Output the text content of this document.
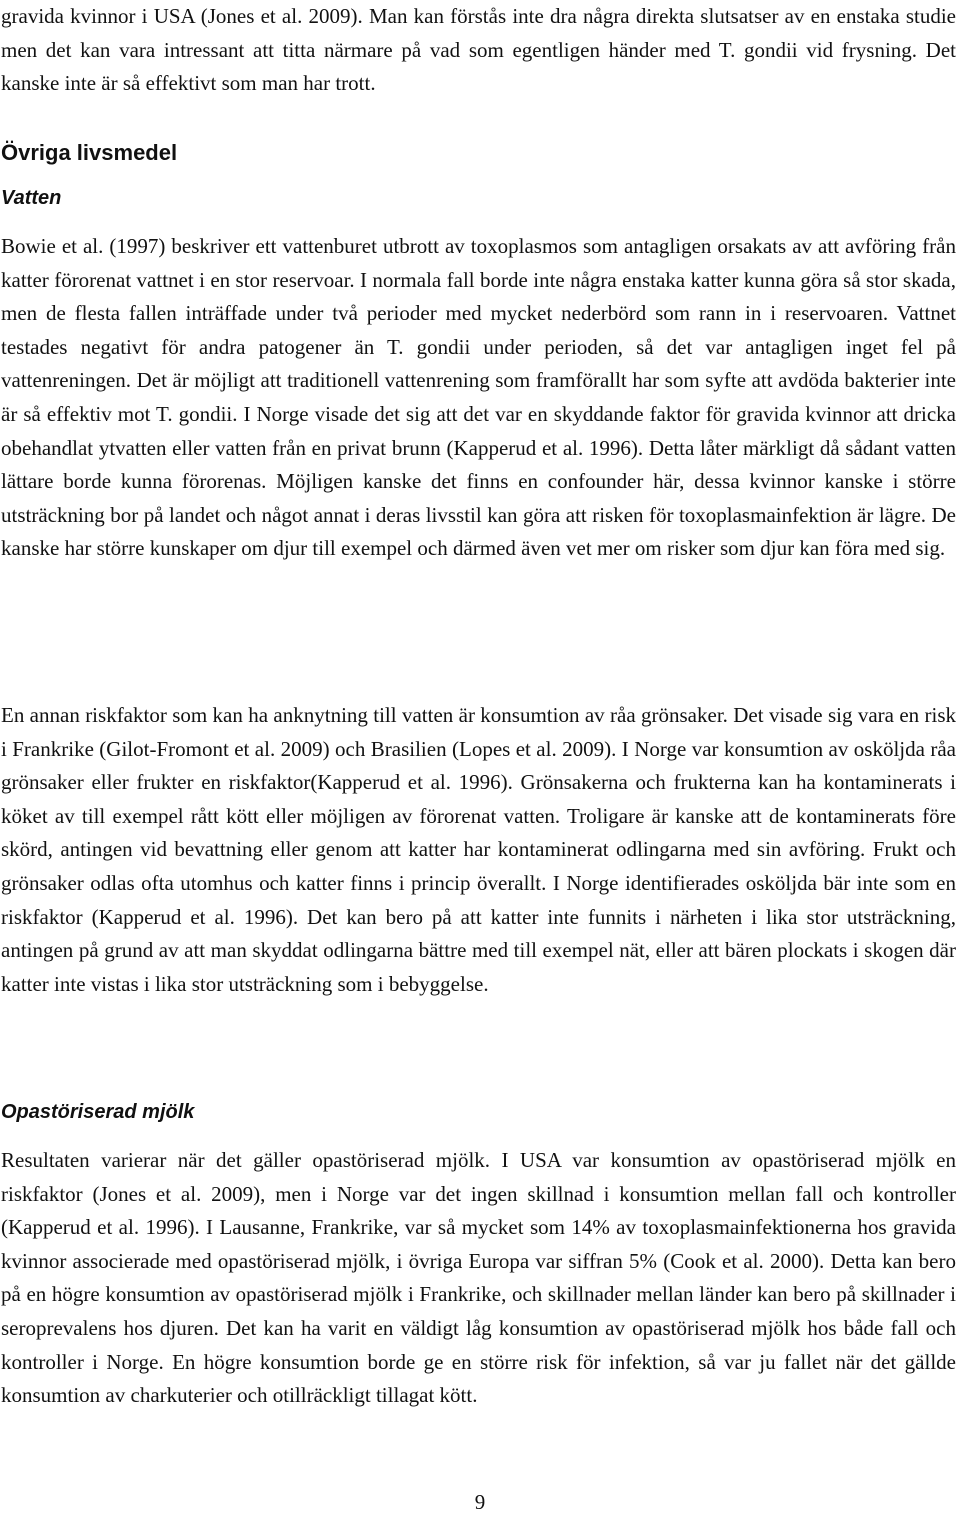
gravida kvinnor i USA (Jones et al. 2009). Man kan förstås inte dra några direkta slutsatser av en enstaka studie men det kan vara intressant att titta närmare på vad som egentligen händer med T. gondii vid frysning. Det kanske inte är så effektivt som man har trott.

Övriga livsmedel
Vatten

Bowie et al. (1997) beskriver ett vattenburet utbrott av toxoplasmos som antagligen orsakats av att avföring från katter förorenat vattnet i en stor reservoar. I normala fall borde inte några enstaka katter kunna göra så stor skada, men de flesta fallen inträffade under två perioder med mycket nederbörd som rann in i reservoaren. Vattnet testades negativt för andra patogener än T. gondii under perioden, så det var antagligen inget fel på vattenreningen. Det är möjligt att traditionell vattenrening som framförallt har som syfte att avdöda bakterier inte är så effektiv mot T. gondii. I Norge visade det sig att det var en skyddande faktor för gravida kvinnor att dricka obehandlat ytvatten eller vatten från en privat brunn (Kapperud et al. 1996). Detta låter märkligt då sådant vatten lättare borde kunna förorenas. Möjligen kanske det finns en confounder här, dessa kvinnor kanske i större utsträckning bor på landet och något annat i deras livsstil kan göra att risken för toxoplasmainfektion är lägre. De kanske har större kunskaper om djur till exempel och därmed även vet mer om risker som djur kan föra med sig.

En annan riskfaktor som kan ha anknytning till vatten är konsumtion av råa grönsaker. Det visade sig vara en risk i Frankrike (Gilot-Fromont et al. 2009) och Brasilien (Lopes et al. 2009). I Norge var konsumtion av osköljda råa grönsaker eller frukter en riskfaktor(Kapperud et al. 1996). Grönsakerna och frukterna kan ha kontaminerats i köket av till exempel rått kött eller möjligen av förorenat vatten. Troligare är kanske att de kontaminerats före skörd, antingen vid bevattning eller genom att katter har kontaminerat odlingarna med sin avföring. Frukt och grönsaker odlas ofta utomhus och katter finns i princip överallt. I Norge identifierades osköljda bär inte som en riskfaktor (Kapperud et al. 1996). Det kan bero på att katter inte funnits i närheten i lika stor utsträckning, antingen på grund av att man skyddat odlingarna bättre med till exempel nät, eller att bären plockats i skogen där katter inte vistas i lika stor utsträckning som i bebyggelse.

Opastöriserad mjölk

Resultaten varierar när det gäller opastöriserad mjölk. I USA var konsumtion av opastöriserad mjölk en riskfaktor (Jones et al. 2009), men i Norge var det ingen skillnad i konsumtion mellan fall och kontroller (Kapperud et al. 1996). I Lausanne, Frankrike, var så mycket som 14% av toxoplasmainfektionerna hos gravida kvinnor associerade med opastöriserad mjölk, i övriga Europa var siffran 5% (Cook et al. 2000). Detta kan bero på en högre konsumtion av opastöriserad mjölk i Frankrike, och skillnader mellan länder kan bero på skillnader i seroprevalens hos djuren. Det kan ha varit en väldigt låg konsumtion av opastöriserad mjölk hos både fall och kontroller i Norge. En högre konsumtion borde ge en större risk för infektion, så var ju fallet när det gällde konsumtion av charkuterier och otillräckligt tillagat kött.

9
